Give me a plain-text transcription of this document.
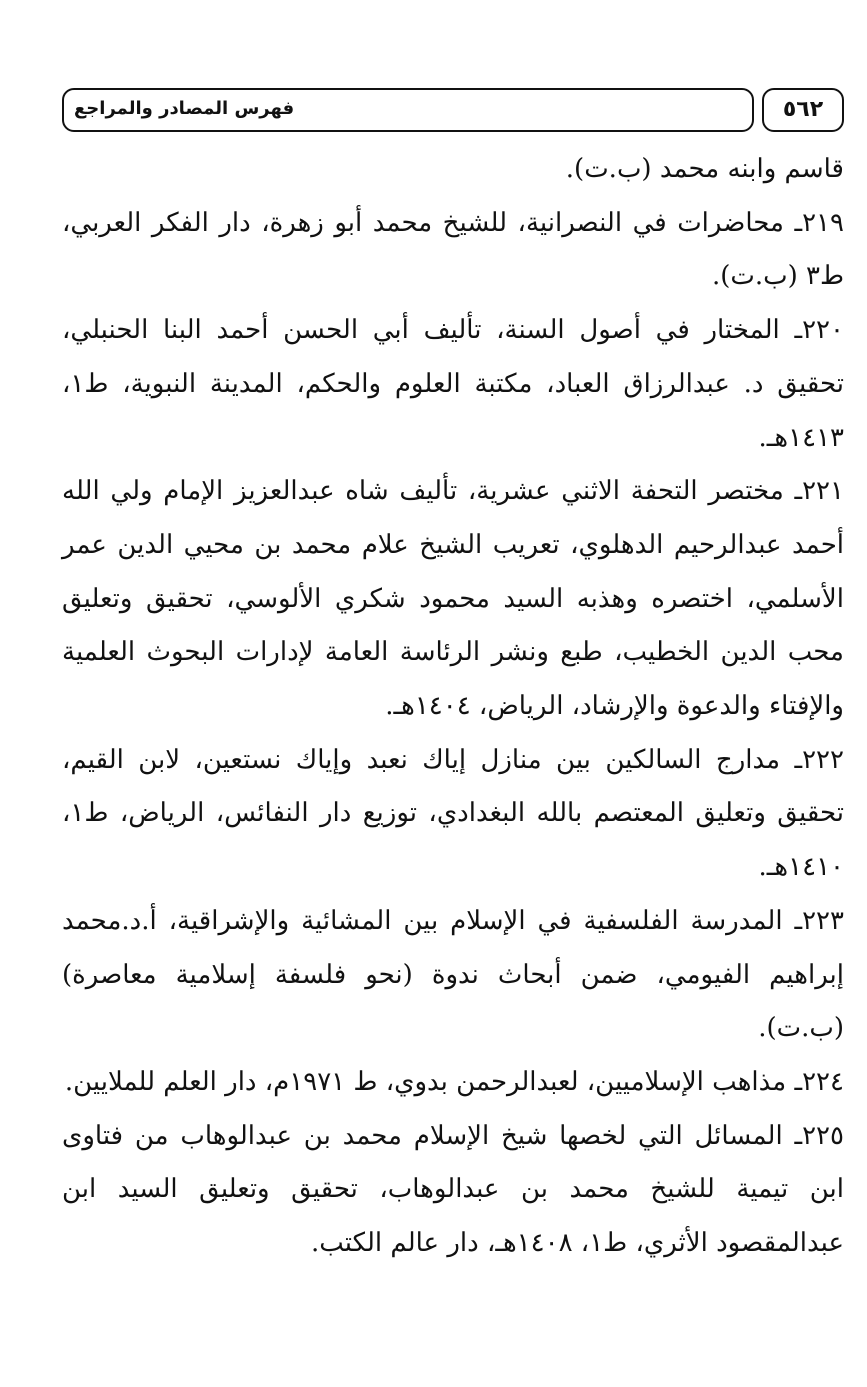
فهرس المصادر والمراجع	٥٦٢

قاسم وابنه محمد (ب.ت).

٢١٩ـ محاضرات في النصرانية، للشيخ محمد أبو زهرة، دار الفكر العربي، ط٣ (ب.ت).

٢٢٠ـ المختار في أصول السنة، تأليف أبي الحسن أحمد البنا الحنبلي، تحقيق د. عبدالرزاق العباد، مكتبة العلوم والحكم، المدينة النبوية، ط١، ١٤١٣هـ.

٢٢١ـ مختصر التحفة الاثني عشرية، تأليف شاه عبدالعزيز الإمام ولي الله أحمد عبدالرحيم الدهلوي، تعريب الشيخ علام محمد بن محيي الدين عمر الأسلمي، اختصره وهذبه السيد محمود شكري الألوسي، تحقيق وتعليق محب الدين الخطيب، طبع ونشر الرئاسة العامة لإدارات البحوث العلمية والإفتاء والدعوة والإرشاد، الرياض، ١٤٠٤هـ.

٢٢٢ـ مدارج السالكين بين منازل إياك نعبد وإياك نستعين، لابن القيم، تحقيق وتعليق المعتصم بالله البغدادي، توزيع دار النفائس، الرياض، ط١، ١٤١٠هـ.

٢٢٣ـ المدرسة الفلسفية في الإسلام بين المشائية والإشراقية، أ.د.محمد إبراهيم الفيومي، ضمن أبحاث ندوة (نحو فلسفة إسلامية معاصرة) (ب.ت).

٢٢٤ـ مذاهب الإسلاميين، لعبدالرحمن بدوي، ط ١٩٧١م، دار العلم للملايين.

٢٢٥ـ المسائل التي لخصها شيخ الإسلام محمد بن عبدالوهاب من فتاوى ابن تيمية للشيخ محمد بن عبدالوهاب، تحقيق وتعليق السيد ابن عبدالمقصود الأثري، ط١، ١٤٠٨هـ، دار عالم الكتب.
